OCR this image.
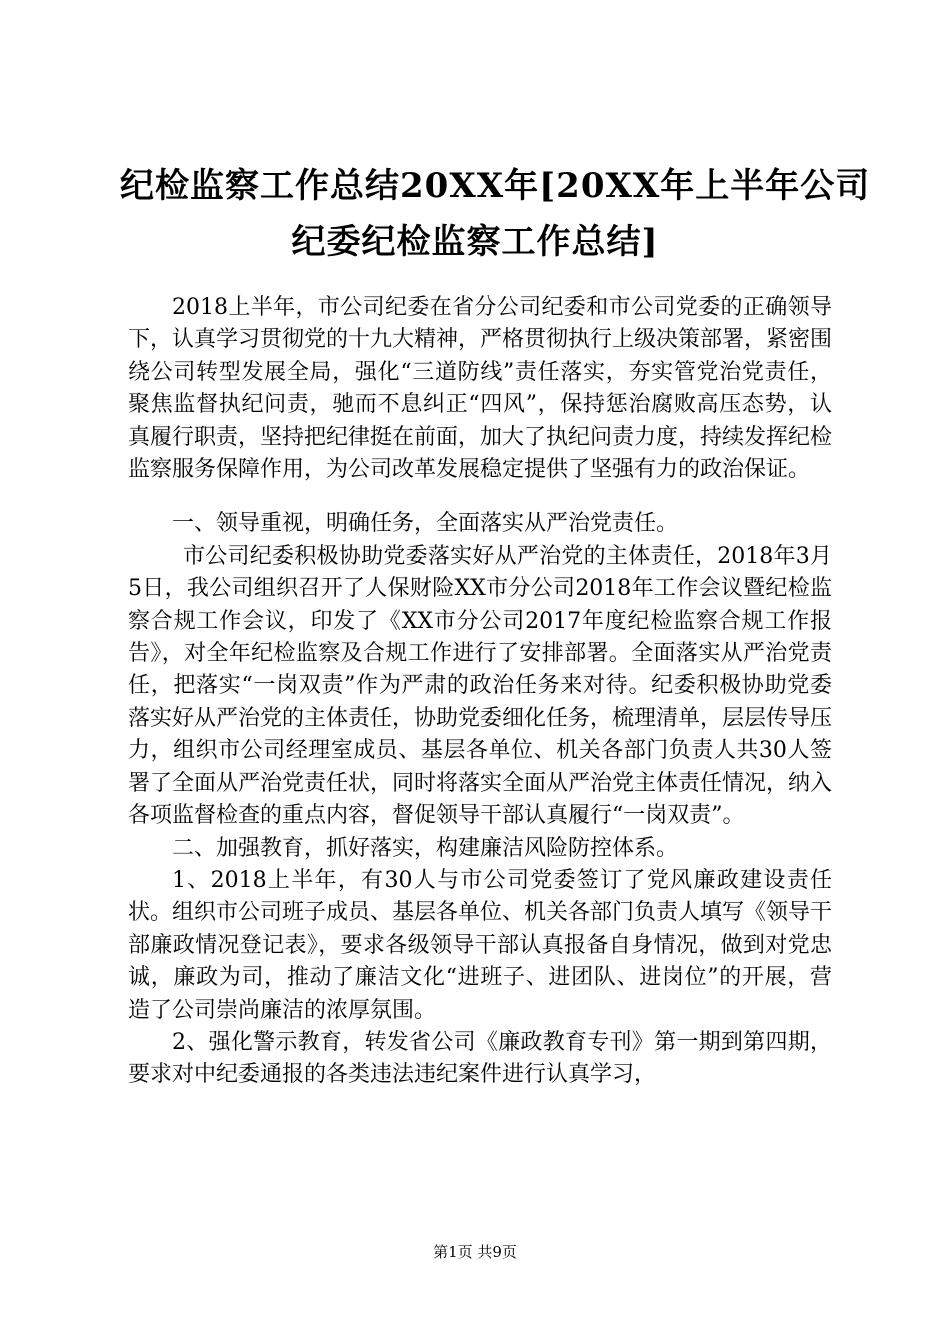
纪检监察工作总结20XX年[20XX年上半年公司
纪委纪检监察工作总结]

2018上半年，市公司纪委在省分公司纪委和市公司党委的正确领导下，认真学习贯彻党的十九大精神，严格贯彻执行上级决策部署，紧密围绕公司转型发展全局，强化“三道防线”责任落实，夯实管党治党责任，聚焦监督执纪问责，驰而不息纠正“四风”，保持惩治腐败高压态势，认真履行职责，坚持把纪律挺在前面，加大了执纪问责力度，持续发挥纪检监察服务保障作用，为公司改革发展稳定提供了坚强有力的政治保证。

一、领导重视，明确任务，全面落实从严治党责任。

市公司纪委积极协助党委落实好从严治党的主体责任，2018年3月5日，我公司组织召开了人保财险XX市分公司2018年工作会议暨纪检监察合规工作会议，印发了《XX市分公司2017年度纪检监察合规工作报告》，对全年纪检监察及合规工作进行了安排部署。全面落实从严治党责任，把落实“一岗双责”作为严肃的政治任务来对待。纪委积极协助党委落实好从严治党的主体责任，协助党委细化任务，梳理清单，层层传导压力，组织市公司经理室成员、基层各单位、机关各部门负责人共30人签署了全面从严治党责任状，同时将落实全面从严治党主体责任情况，纳入各项监督检查的重点内容，督促领导干部认真履行“一岗双责”。

二、加强教育，抓好落实，构建廉洁风险防控体系。

1、2018上半年，有30人与市公司党委签订了党风廉政建设责任状。组织市公司班子成员、基层各单位、机关各部门负责人填写《领导干部廉政情况登记表》，要求各级领导干部认真报备自身情况，做到对党忠诚，廉政为司，推动了廉洁文化“进班子、进团队、进岗位”的开展，营造了公司崇尚廉洁的浓厚氛围。

2、强化警示教育，转发省公司《廉政教育专刊》第一期到第四期，要求对中纪委通报的各类违法违纪案件进行认真学习，

第1页 共9页
